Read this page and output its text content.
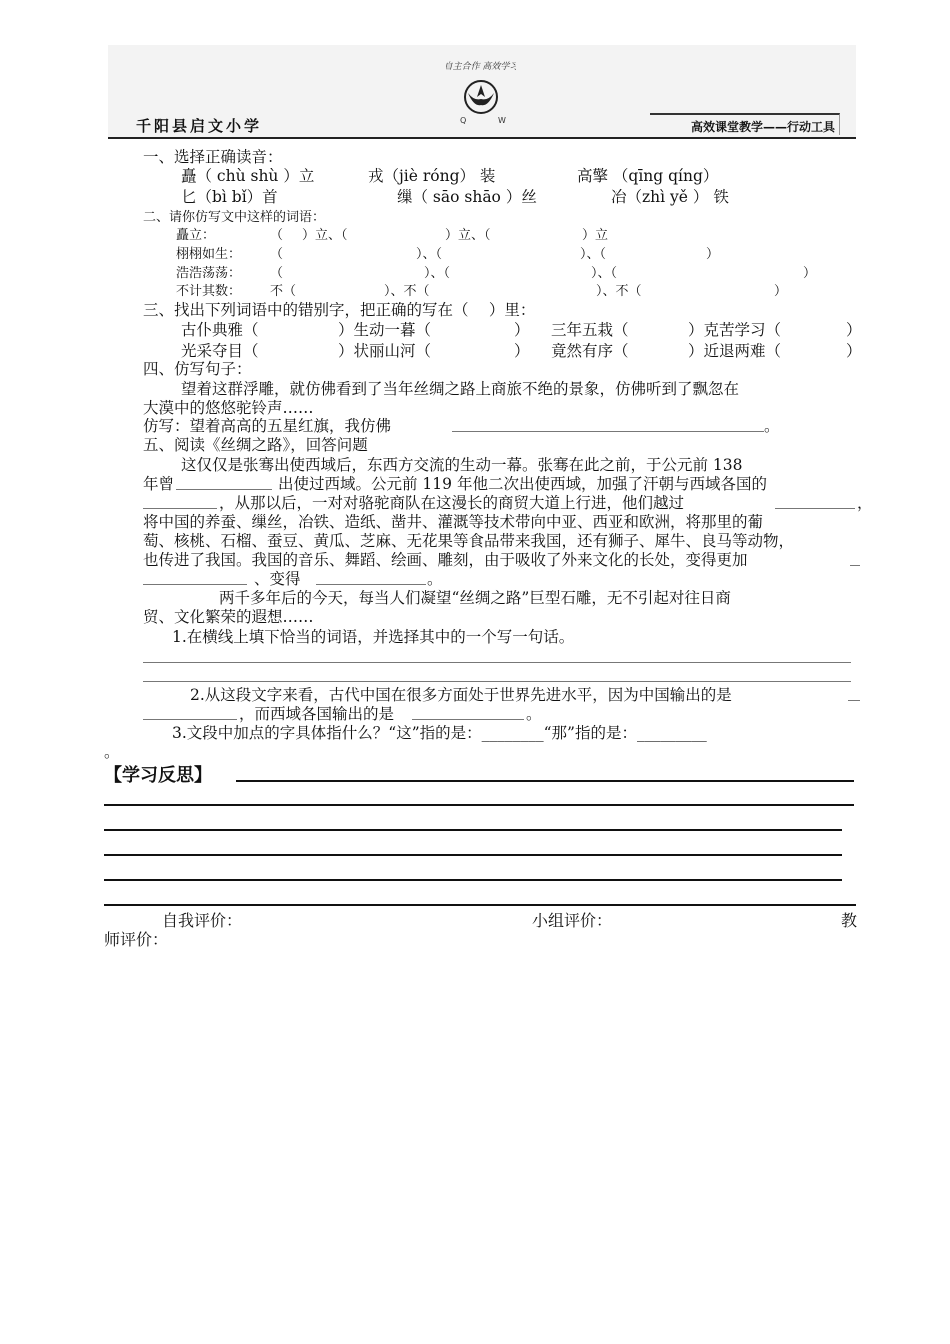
千阳县启文小学
自主合作 高效学习
Q	W	高效课堂教学——行动工具
一、选择正确读音：
矗（ chù shù ）立	戎（jiè róng） 装	高擎 （qīng qíng）
匕（bì bǐ）首	缫（ sāo shāo ）丝	冶（zhì yě ） 铁
二、请你仿写文中这样的词语：
矗立：	（ ）立、（	）立、（	）立
栩栩如生： （	）、（	）、（	）
浩浩荡荡： （	）、（	）、（	）
不计其数： 不（	）、不（	）、不（	）
三、找出下列词语中的错别字，把正确的写在（　 ）里：
古仆典雅（	）生动一暮（	） 三年五栽（	）克苦学习（	）
光采夺目（	）状丽山河（	） 竟然有序（	）近退两难（	）
四、仿写句子：
望着这群浮雕，就仿佛看到了当年丝绸之路上商旅不绝的景象，仿佛听到了飘忽在
大漠中的悠悠驼铃声……
仿写：望着高高的五星红旗，我仿佛	。
五、阅读《丝绸之路》，回答问题
这仅仅是张骞出使西域后，东西方交流的生动一幕。张骞在此之前，于公元前 138
年曾	出使过西域。公元前 119 年他二次出使西域，加强了汗朝与西域各国的
，从那以后，一对对骆驼商队在这漫长的商贸大道上行进，他们越过	，
将中国的养蚕、缫丝，冶铁、造纸、凿井、灌溉等技术带向中亚、西亚和欧洲，将那里的葡
萄、核桃、石榴、蚕豆、黄瓜、芝麻、无花果等食品带来我国，还有狮子、犀牛、良马等动物，
也传进了我国。我国的音乐、舞蹈、绘画、雕刻，由于吸收了外来文化的长处，变得更加
、变得	。
两千多年后的今天，每当人们凝望“丝绸之路”巨型石雕，无不引起对往日商
贸、文化繁荣的遐想……
1.在横线上填下恰当的词语，并选择其中的一个写一句话。
2.从这段文字来看，古代中国在很多方面处于世界先进水平，因为中国输出的是
，而西域各国输出的是	。
3.文段中加点的字具体指什么？“这”指的是：________“那”指的是：_________
。
【学习反思】
自我评价：	小组评价：	教
师评价：
